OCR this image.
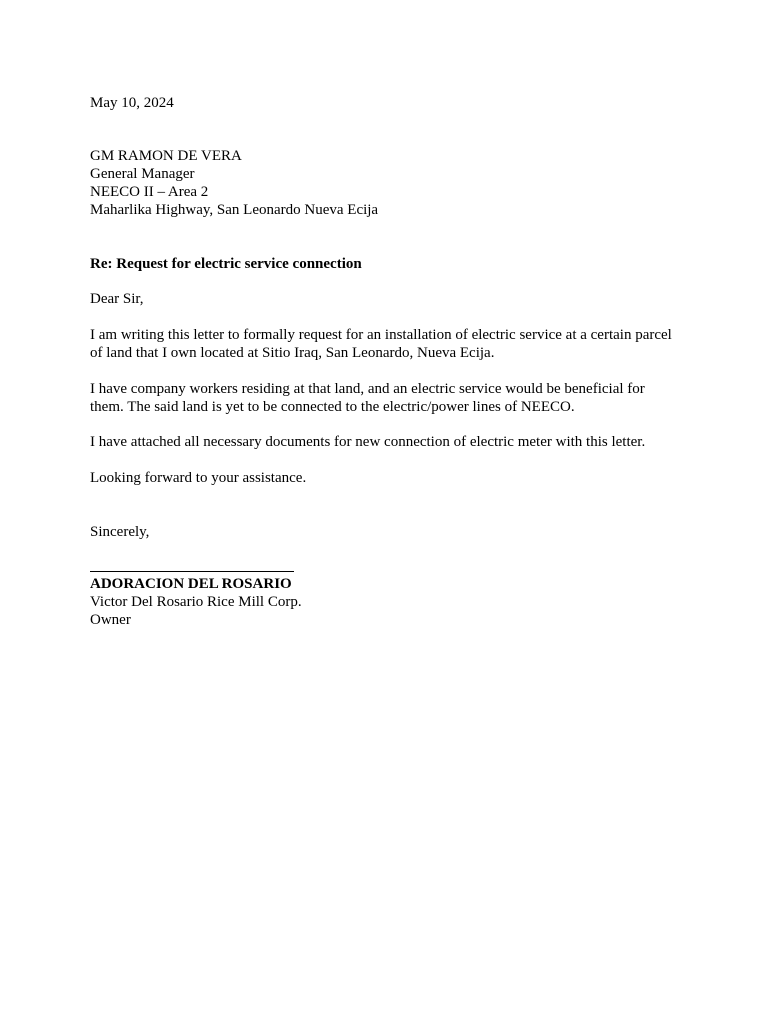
May 10, 2024
GM RAMON DE VERA
General Manager
NEECO II – Area 2
Maharlika Highway, San Leonardo Nueva Ecija
Re: Request for electric service connection
Dear Sir,
I am writing this letter to formally request for an installation of electric service at a certain parcel
of land that I own located at Sitio Iraq, San Leonardo, Nueva Ecija.
I have company workers residing at that land, and an electric service would be beneficial for
them. The said land is yet to be connected to the electric/power lines of NEECO.
I have attached all necessary documents for new connection of electric meter with this letter.
Looking forward to your assistance.
Sincerely,
ADORACION DEL ROSARIO
Victor Del Rosario Rice Mill Corp.
Owner
